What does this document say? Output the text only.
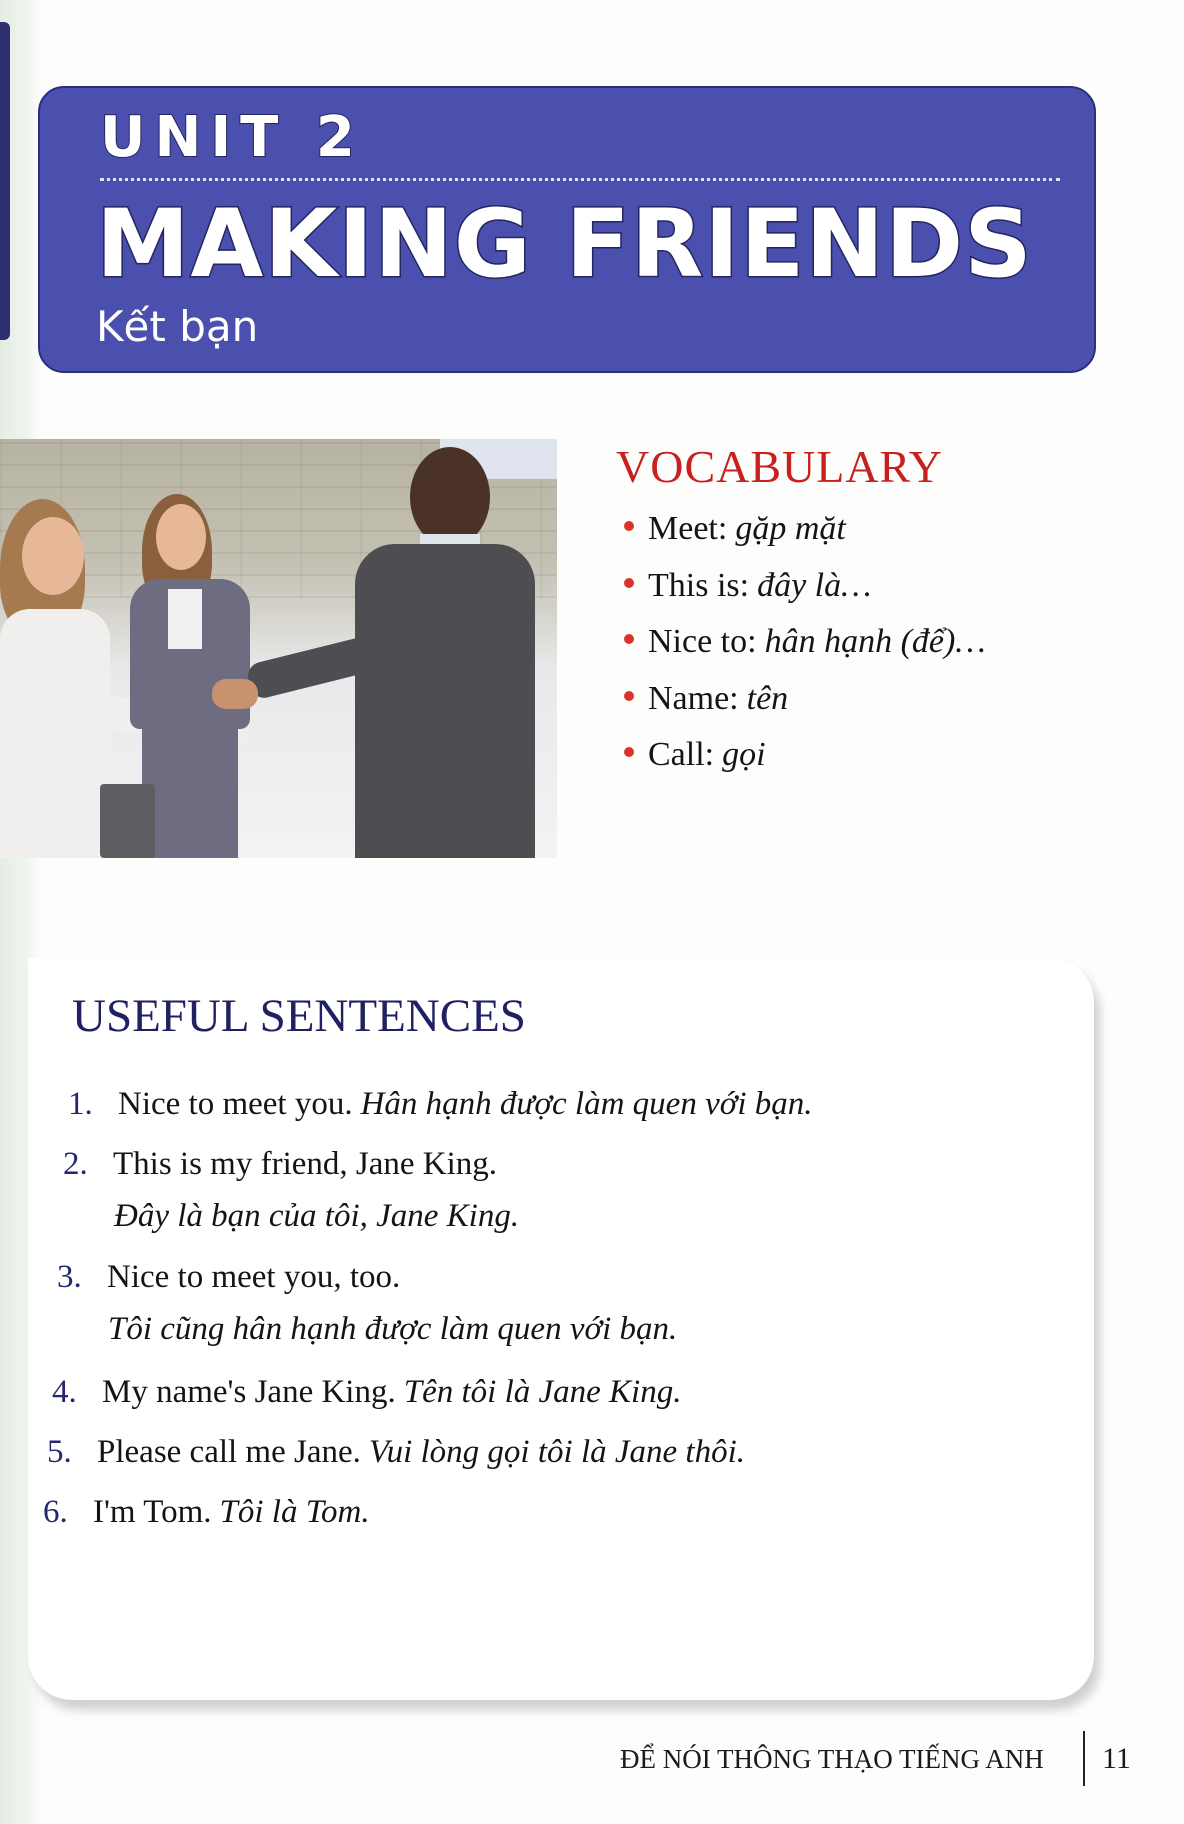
UNIT 2
MAKING FRIENDS
Kết bạn
VOCABULARY
Meet: gặp mặt
This is: đây là…
Nice to: hân hạnh (để)…
Name: tên
Call: gọi
USEFUL SENTENCES
1. Nice to meet you. Hân hạnh được làm quen với bạn.
2. This is my friend, Jane King.
Đây là bạn của tôi, Jane King.
3. Nice to meet you, too.
Tôi cũng hân hạnh được làm quen với bạn.
4. My name's Jane King. Tên tôi là Jane King.
5. Please call me Jane. Vui lòng gọi tôi là Jane thôi.
6. I'm Tom. Tôi là Tom.
ĐỂ NÓI THÔNG THẠO TIẾNG ANH 11
